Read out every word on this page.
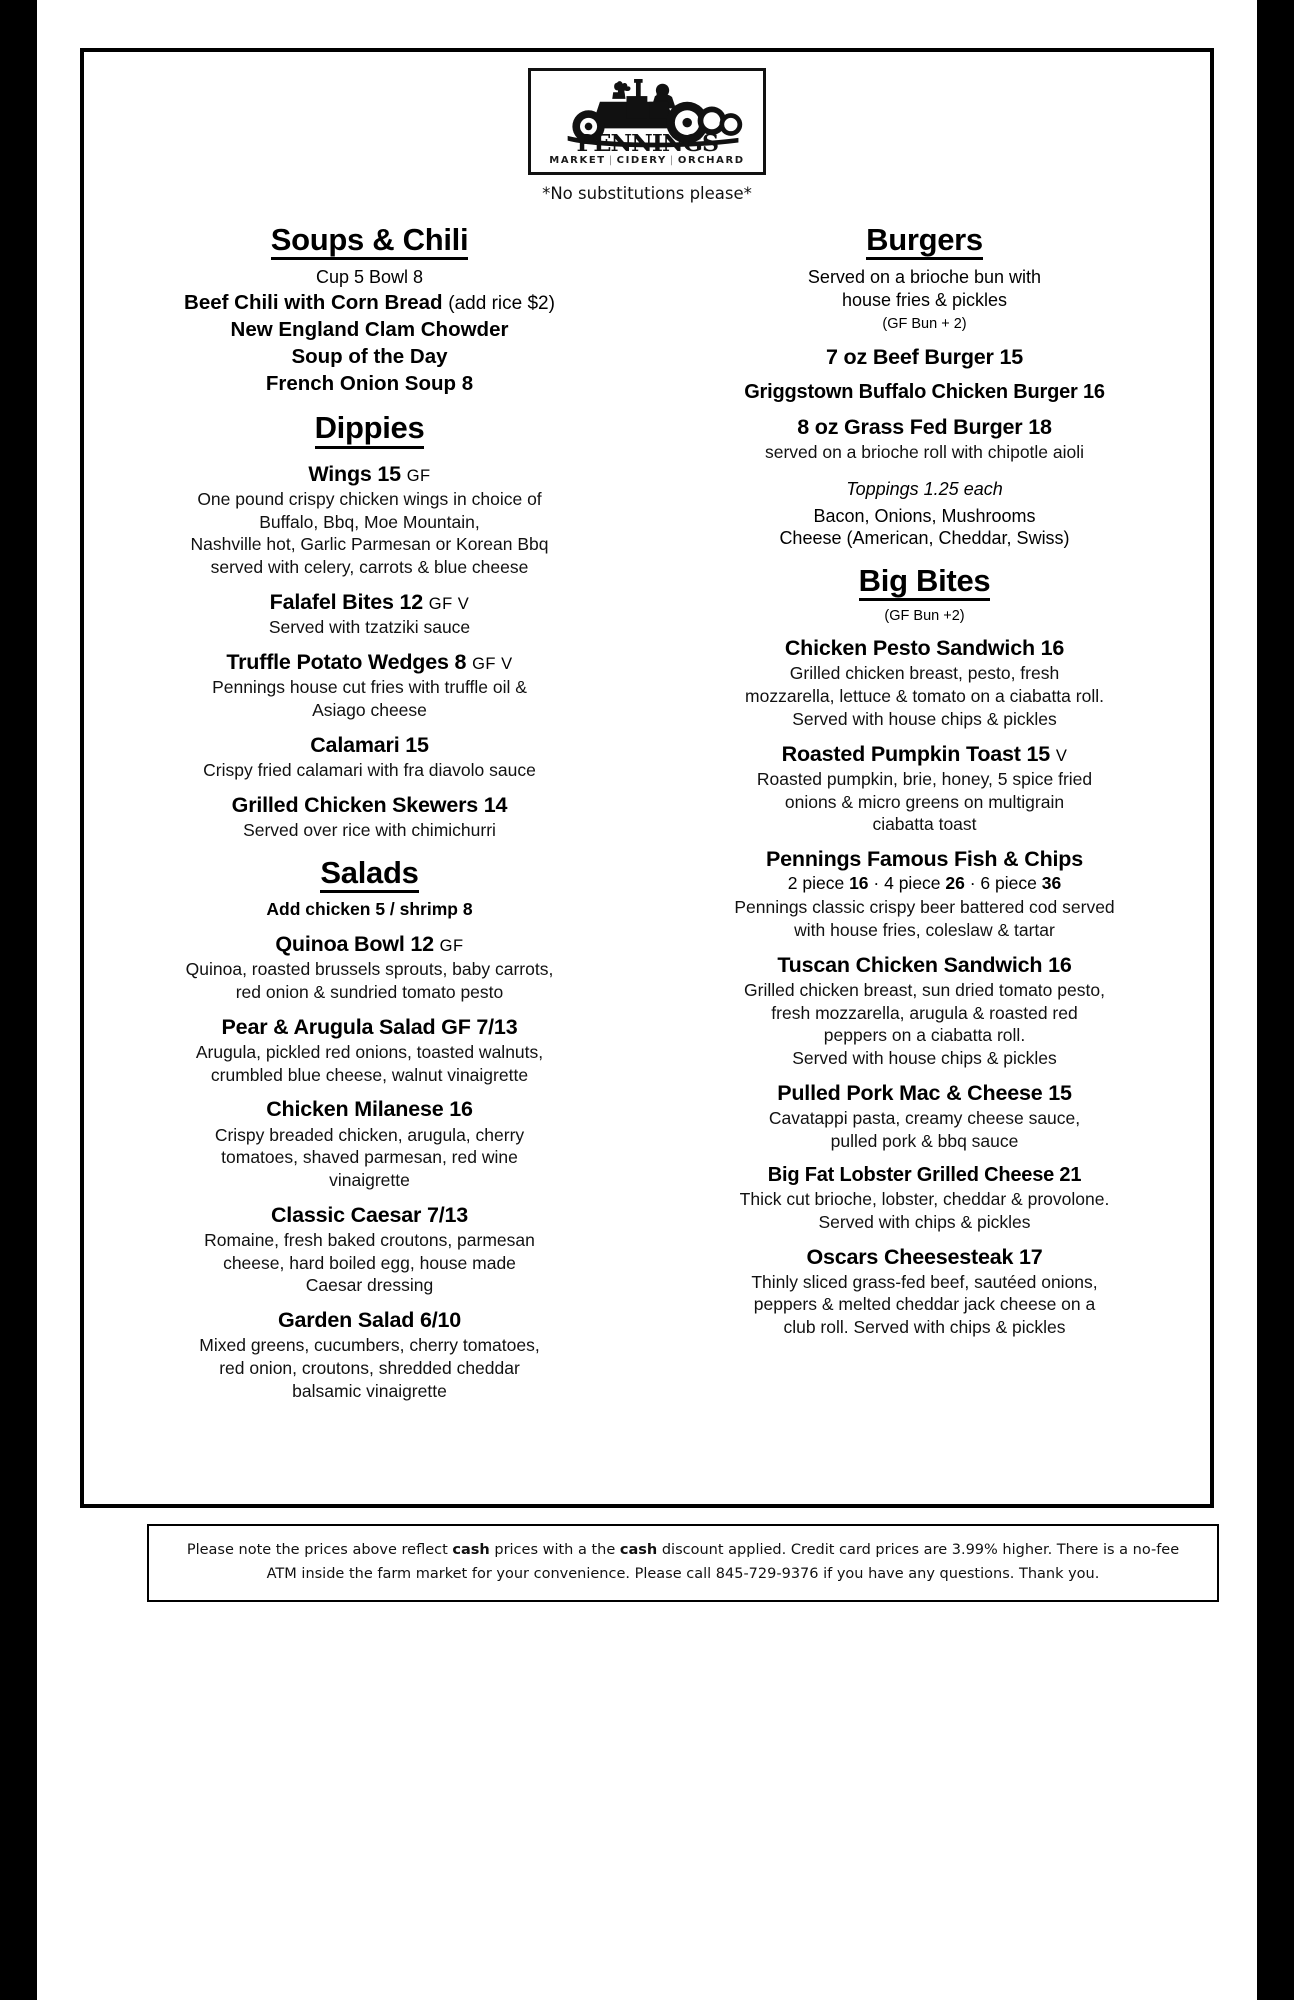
PENNINGS
MARKET | CIDERY | ORCHARD
*No substitutions please*
Soups & Chili
Cup 5 Bowl 8
Beef Chili with Corn Bread (add rice $2)
New England Clam Chowder
Soup of the Day
French Onion Soup 8
Dippies
Wings 15 GF
One pound crispy chicken wings in choice of
Buffalo, Bbq, Moe Mountain,
Nashville hot, Garlic Parmesan or Korean Bbq
served with celery, carrots & blue cheese
Falafel Bites 12 GF V
Served with tzatziki sauce
Truffle Potato Wedges 8 GF V
Pennings house cut fries with truffle oil &
Asiago cheese
Calamari 15
Crispy fried calamari with fra diavolo sauce
Grilled Chicken Skewers 14
Served over rice with chimichurri
Salads
Add chicken 5 / shrimp 8
Quinoa Bowl 12 GF
Quinoa, roasted brussels sprouts, baby carrots,
red onion & sundried tomato pesto
Pear & Arugula Salad GF 7/13
Arugula, pickled red onions, toasted walnuts,
crumbled blue cheese, walnut vinaigrette
Chicken Milanese 16
Crispy breaded chicken, arugula, cherry
tomatoes, shaved parmesan, red wine
vinaigrette
Classic Caesar 7/13
Romaine, fresh baked croutons, parmesan
cheese, hard boiled egg, house made
Caesar dressing
Garden Salad 6/10
Mixed greens, cucumbers, cherry tomatoes,
red onion, croutons, shredded cheddar
balsamic vinaigrette
Burgers
Served on a brioche bun with
house fries & pickles
(GF Bun + 2)
7 oz Beef Burger 15
Griggstown Buffalo Chicken Burger 16
8 oz Grass Fed Burger 18
served on a brioche roll with chipotle aioli
Toppings 1.25 each
Bacon, Onions, Mushrooms
Cheese (American, Cheddar, Swiss)
Big Bites
(GF Bun +2)
Chicken Pesto Sandwich 16
Grilled chicken breast, pesto, fresh
mozzarella, lettuce & tomato on a ciabatta roll.
Served with house chips & pickles
Roasted Pumpkin Toast 15 V
Roasted pumpkin, brie, honey, 5 spice fried
onions & micro greens on multigrain
ciabatta toast
Pennings Famous Fish & Chips
2 piece 16 · 4 piece 26 · 6 piece 36
Pennings classic crispy beer battered cod served
with house fries, coleslaw & tartar
Tuscan Chicken Sandwich 16
Grilled chicken breast, sun dried tomato pesto,
fresh mozzarella, arugula & roasted red
peppers on a ciabatta roll.
Served with house chips & pickles
Pulled Pork Mac & Cheese 15
Cavatappi pasta, creamy cheese sauce,
pulled pork & bbq sauce
Big Fat Lobster Grilled Cheese 21
Thick cut brioche, lobster, cheddar & provolone.
Served with chips & pickles
Oscars Cheesesteak 17
Thinly sliced grass-fed beef, sautéed onions,
peppers & melted cheddar jack cheese on a
club roll. Served with chips & pickles
Please note the prices above reflect cash prices with a the cash discount applied. Credit card prices are 3.99% higher. There is a no-fee ATM inside the farm market for your convenience. Please call 845-729-9376 if you have any questions. Thank you.
